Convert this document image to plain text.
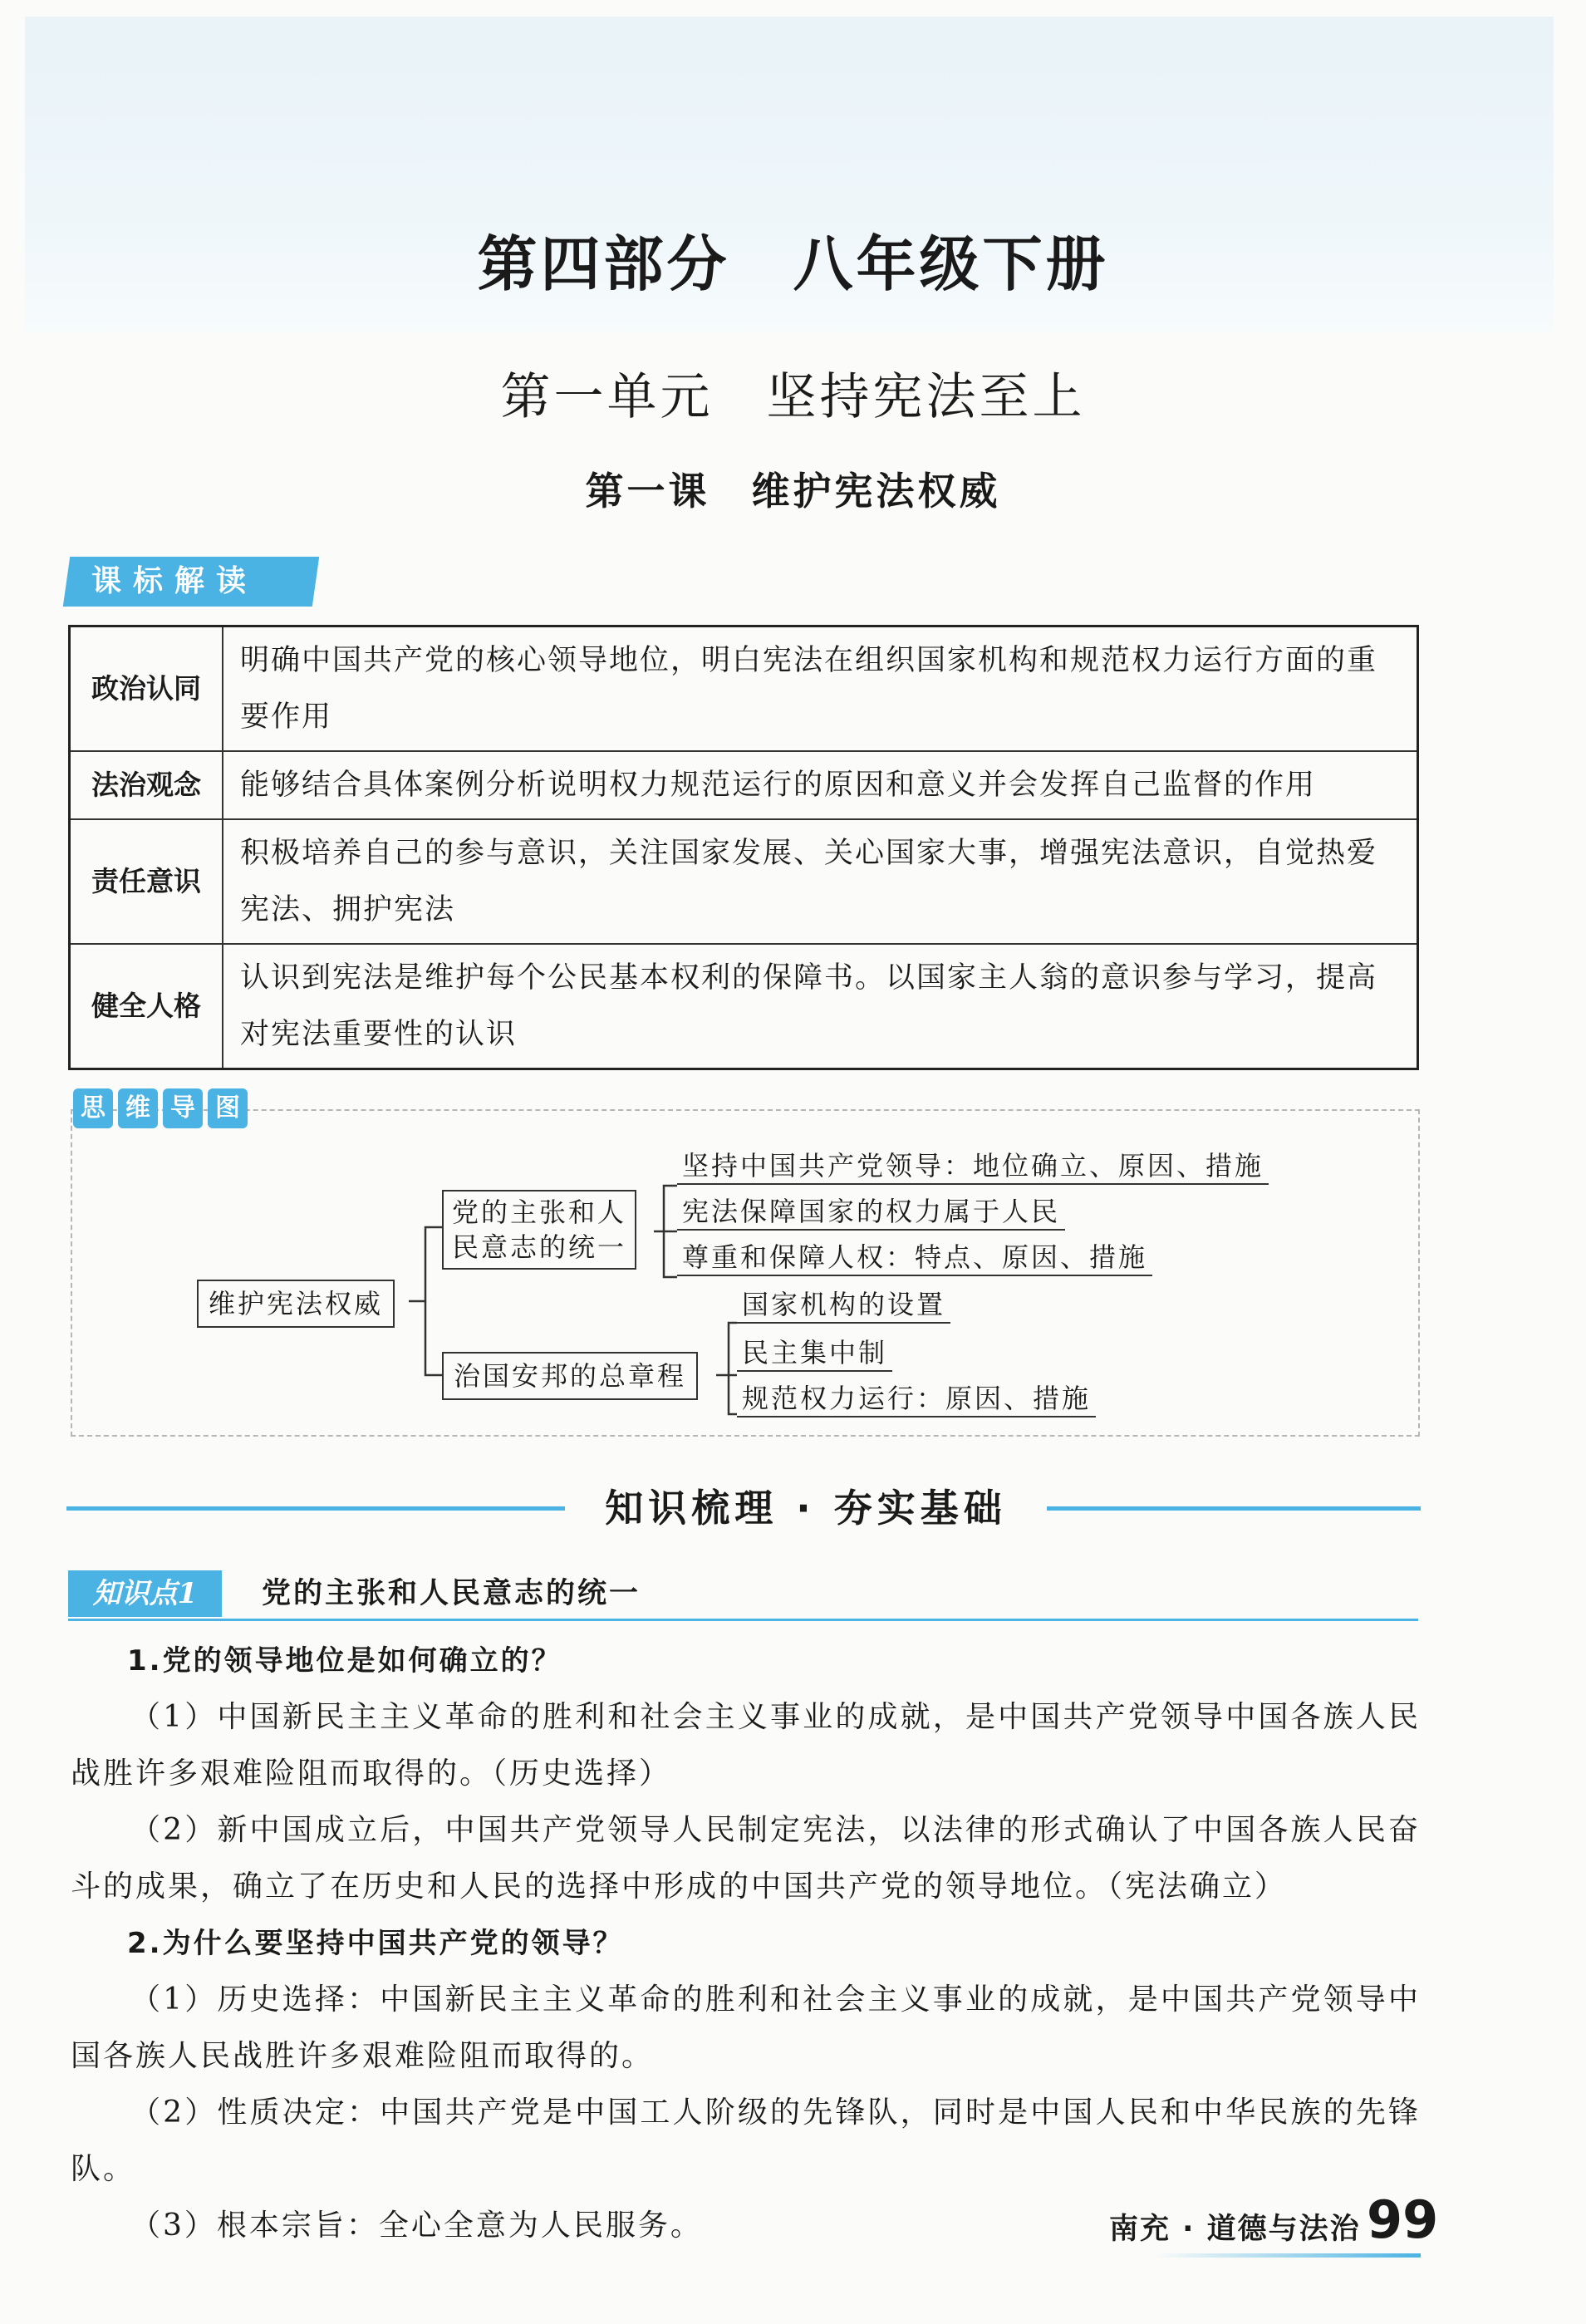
第四部分　八年级下册
第一单元　坚持宪法至上
第一课　维护宪法权威
课标解读
政治认同	明确中国共产党的核心领导地位，明白宪法在组织国家机构和规范权力运行方面的重要作用
法治观念	能够结合具体案例分析说明权力规范运行的原因和意义并会发挥自己监督的作用
责任意识	积极培养自己的参与意识，关注国家发展、关心国家大事，增强宪法意识，自觉热爱宪法、拥护宪法
健全人格	认识到宪法是维护每个公民基本权利的保障书。以国家主人翁的意识参与学习，提高对宪法重要性的认识
维护宪法权威
党的主张和人
民意志的统一
治国安邦的总章程
坚持中国共产党领导：地位确立、原因、措施
宪法保障国家的权力属于人民
尊重和保障人权：特点、原因、措施
国家机构的设置
民主集中制
规范权力运行：原因、措施
思 维 导 图
知识梳理 · 夯实基础
知识点1	党的主张和人民意志的统一

1.党的领导地位是如何确立的？

（1）中国新民主主义革命的胜利和社会主义事业的成就，是中国共产党领导中国各族人民战胜许多艰难险阻而取得的。（历史选择）

（2）新中国成立后，中国共产党领导人民制定宪法，以法律的形式确认了中国各族人民奋斗的成果，确立了在历史和人民的选择中形成的中国共产党的领导地位。（宪法确立）

2.为什么要坚持中国共产党的领导？

（1）历史选择：中国新民主主义革命的胜利和社会主义事业的成就，是中国共产党领导中国各族人民战胜许多艰难险阻而取得的。

（2）性质决定：中国共产党是中国工人阶级的先锋队，同时是中国人民和中华民族的先锋队。

（3）根本宗旨：全心全意为人民服务。	南充 · 道德与法治 99
